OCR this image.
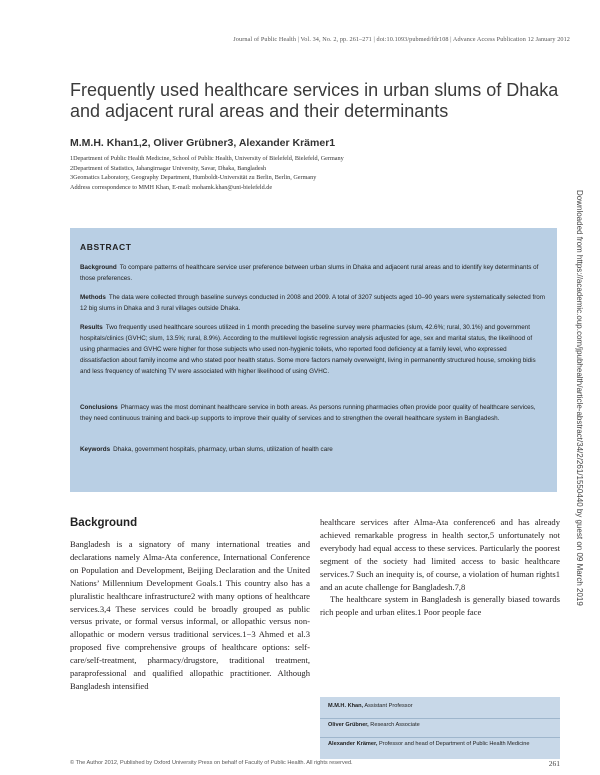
Journal of Public Health | Vol. 34, No. 2, pp. 261–271 | doi:10.1093/pubmed/fdr108 | Advance Access Publication 12 January 2012
Frequently used healthcare services in urban slums of Dhaka and adjacent rural areas and their determinants
M.M.H. Khan1,2, Oliver Grübner3, Alexander Krämer1
1Department of Public Health Medicine, School of Public Health, University of Bielefeld, Bielefeld, Germany
2Department of Statistics, Jahangirnagar University, Savar, Dhaka, Bangladesh
3Geomatics Laboratory, Geography Department, Humboldt-Universität zu Berlin, Berlin, Germany
Address correspondence to MMH Khan, E-mail: mohamk.khan@uni-bielefeld.de
Downloaded from https://academic.oup.com/jpubhealth/article-abstract/34/2/261/1550440 by guest on 09 March 2019
ABSTRACT
Background To compare patterns of healthcare service user preference between urban slums in Dhaka and adjacent rural areas and to identify key determinants of those preferences.
Methods The data were collected through baseline surveys conducted in 2008 and 2009. A total of 3207 subjects aged 10–90 years were systematically selected from 12 big slums in Dhaka and 3 rural villages outside Dhaka.
Results Two frequently used healthcare sources utilized in 1 month preceding the baseline survey were pharmacies (slum, 42.6%; rural, 30.1%) and government hospitals/clinics (GVHC; slum, 13.5%; rural, 8.9%). According to the multilevel logistic regression analysis adjusted for age, sex and marital status, the likelihood of using pharmacies and GVHC were higher for those subjects who used non-hygienic toilets, who reported food deficiency at a family level, who expressed dissatisfaction about family income and who stated poor health status. Some more factors namely overweight, living in permanently structured house, smoking bidis and less frequency of watching TV were associated with higher likelihood of using GVHC.
Conclusions Pharmacy was the most dominant healthcare service in both areas. As persons running pharmacies often provide poor quality of healthcare services, they need continuous training and back-up supports to improve their quality of services and to strengthen the overall healthcare system in Bangladesh.
Keywords Dhaka, government hospitals, pharmacy, urban slums, utilization of health care
Background

Bangladesh is a signatory of many international treaties and declarations namely Alma-Ata conference, International Conference on Population and Development, Beijing Declaration and the United Nations’ Millennium Development Goals.1 This country also has a pluralistic healthcare infrastructure2 with many options of healthcare services.3,4 These services could be broadly grouped as public versus private, or formal versus informal, or allopathic versus non-allopathic or modern versus traditional services.1−3 Ahmed et al.3 proposed five comprehensive groups of healthcare options: self-care/self-treatment, pharmacy/drugstore, traditional treatment, paraprofessional and qualified allopathic practitioner. Although Bangladesh intensified

healthcare services after Alma-Ata conference6 and has already achieved remarkable progress in health sector,5 unfortunately not everybody had equal access to these services. Particularly the poorest segment of the society had limited access to basic healthcare services.7 Such an inequity is, of course, a violation of human rights1 and an acute challenge for Bangladesh.7,8

The healthcare system in Bangladesh is generally biased towards rich people and urban elites.1 Poor people face

M.M.H. Khan, Assistant Professor
Oliver Grübner, Research Associate
Alexander Krämer, Professor and head of Department of Public Health Medicine
© The Author 2012, Published by Oxford University Press on behalf of Faculty of Public Health. All rights reserved.	261
